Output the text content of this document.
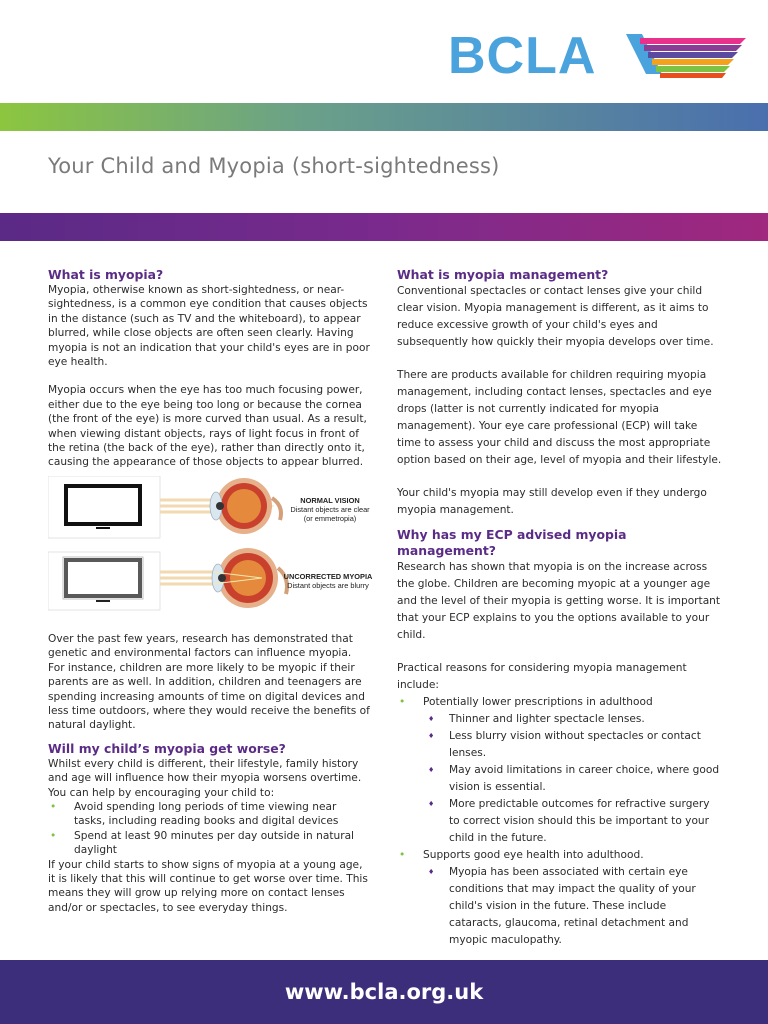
BCLA
Your Child and Myopia (short-sightedness)
What is myopia?

Myopia, otherwise known as short-sightedness, or near-sightedness, is a common eye condition that causes objects in the distance (such as TV and the whiteboard), to appear blurred, while close objects are often seen clearly. Having myopia is not an indication that your child's eyes are in poor eye health.

Myopia occurs when the eye has too much focusing power, either due to the eye being too long or because the cornea (the front of the eye) is more curved than usual. As a result, when viewing distant objects, rays of light focus in front of the retina (the back of the eye), rather than directly onto it, causing the appearance of those objects to appear blurred.

NORMAL VISION
Distant objects are clear
(or emmetropia)
UNCORRECTED MYOPIA
Distant objects are blurry

Over the past few years, research has demonstrated that genetic and environmental factors can influence myopia. For instance, children are more likely to be myopic if their parents are as well. In addition, children and teenagers are spending increasing amounts of time on digital devices and less time outdoors, where they would receive the benefits of natural daylight.

Will my child’s myopia get worse?

Whilst every child is different, their lifestyle, family history and age will influence how their myopia worsens overtime. You can help by encouraging your child to:

• Avoid spending long periods of time viewing near tasks, including reading books and digital devices
• Spend at least 90 minutes per day outside in natural daylight

If your child starts to show signs of myopia at a young age, it is likely that this will continue to get worse over time. This means they will grow up relying more on contact lenses and/or or spectacles, to see everyday things.

What is myopia management?

Conventional spectacles or contact lenses give your child clear vision. Myopia management is different, as it aims to reduce excessive growth of your child's eyes and subsequently how quickly their myopia develops over time.

There are products available for children requiring myopia management, including contact lenses, spectacles and eye drops (latter is not currently indicated for myopia management). Your eye care professional (ECP) will take time to assess your child and discuss the most appropriate option based on their age, level of myopia and their lifestyle.

Your child's myopia may still develop even if they undergo myopia management.

Why has my ECP advised myopia management?

Research has shown that myopia is on the increase across the globe. Children are becoming myopic at a younger age and the level of their myopia is getting worse. It is important that your ECP explains to you the options available to your child.

Practical reasons for considering myopia management include:

• Potentially lower prescriptions in adulthood
♦ Thinner and lighter spectacle lenses.
♦ Less blurry vision without spectacles or contact lenses.
♦ May avoid limitations in career choice, where good vision is essential.
♦ More predictable outcomes for refractive surgery to correct vision should this be important to your child in the future.
• Supports good eye health into adulthood.
♦ Myopia has been associated with certain eye conditions that may impact the quality of your child's vision in the future. These include cataracts, glaucoma, retinal detachment and myopic maculopathy.

www.bcla.org.uk
